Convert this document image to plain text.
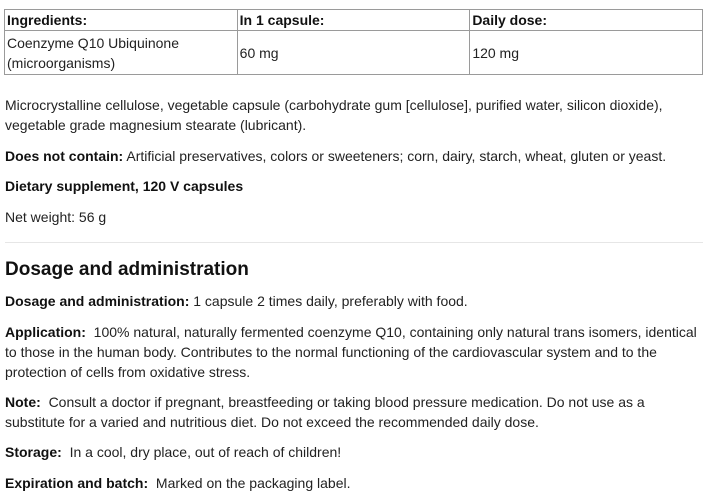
Ingredients:	In 1 capsule:	Daily dose:
Coenzyme Q10 Ubiquinone
(microorganisms)	60 mg	120 mg

Microcrystalline cellulose, vegetable capsule (carbohydrate gum [cellulose], purified water, silicon dioxide), vegetable grade magnesium stearate (lubricant).

Does not contain: Artificial preservatives, colors or sweeteners; corn, dairy, starch, wheat, gluten or yeast.

Dietary supplement, 120 V capsules

Net weight: 56 g

Dosage and administration

Dosage and administration: 1 capsule 2 times daily, preferably with food.

Application: 100% natural, naturally fermented coenzyme Q10, containing only natural trans isomers, identical to those in the human body. Contributes to the normal functioning of the cardiovascular system and to the protection of cells from oxidative stress.

Note: Consult a doctor if pregnant, breastfeeding or taking blood pressure medication. Do not use as a substitute for a varied and nutritious diet. Do not exceed the recommended daily dose.

Storage: In a cool, dry place, out of reach of children!

Expiration and batch: Marked on the packaging label.
